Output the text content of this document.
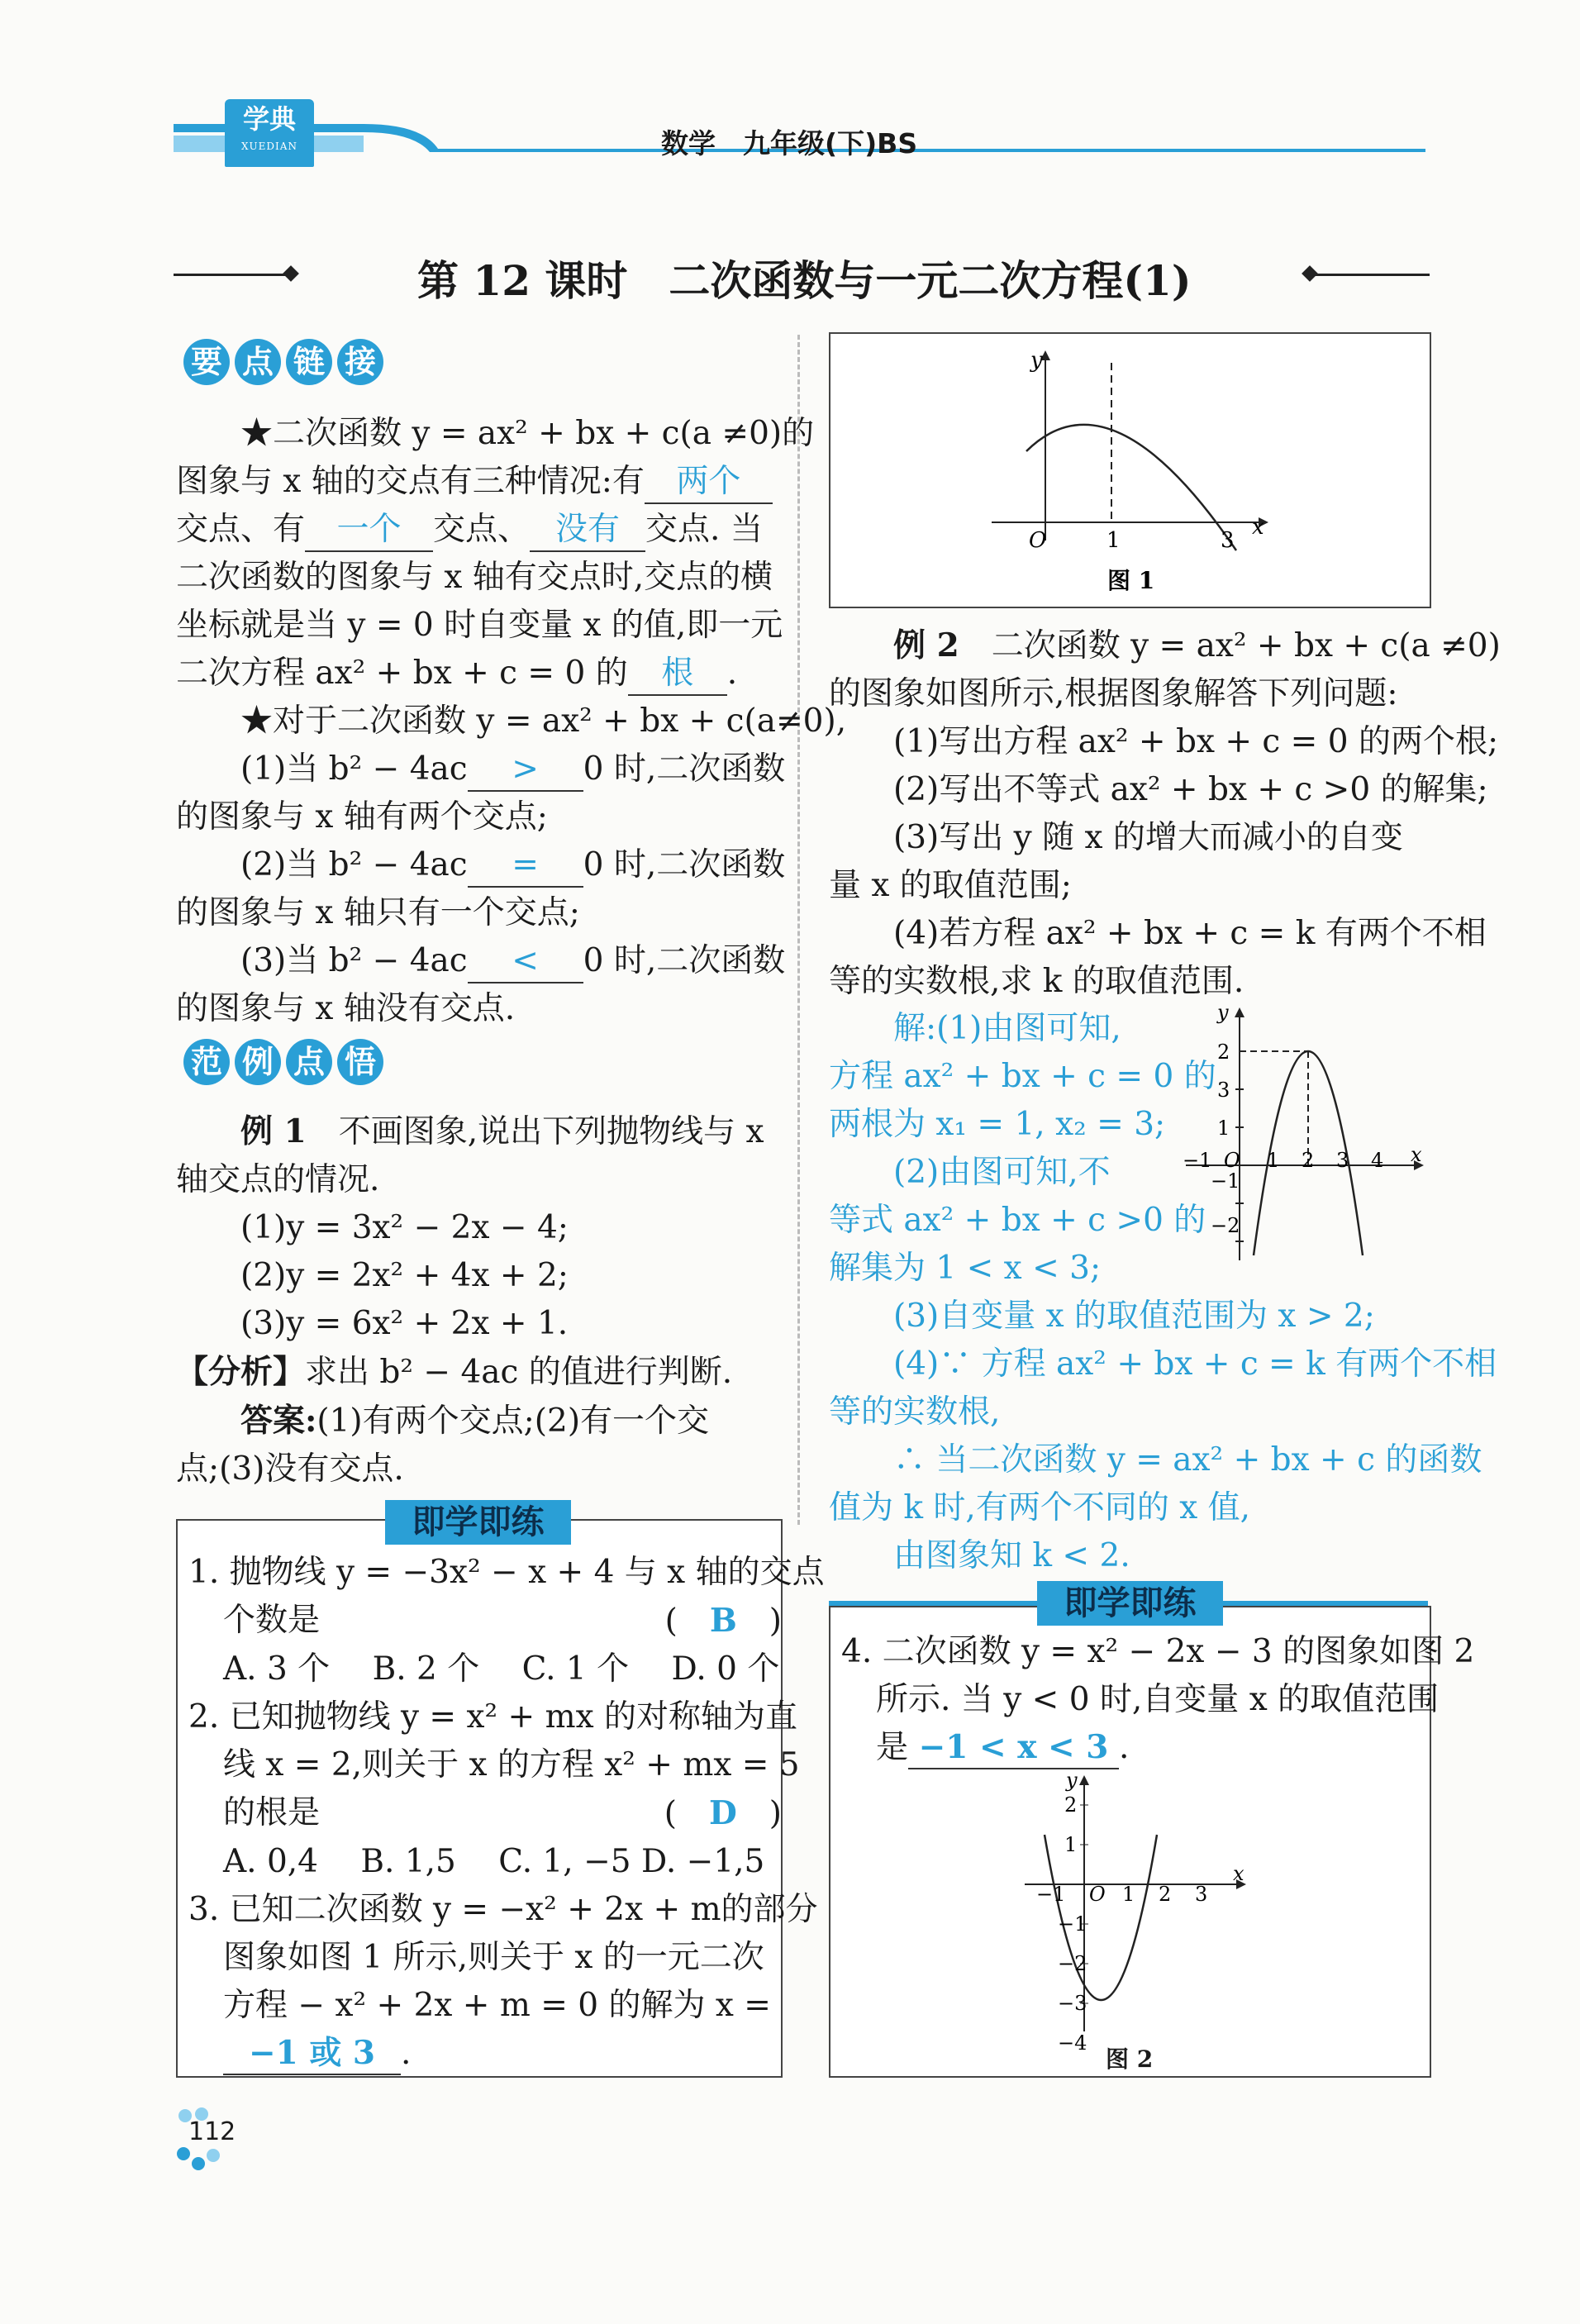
学典
XUEDIAN	数学　九年级(下)BS
第 12 课时　二次函数与一元二次方程(1)
要 点 链 接
★二次函数 y = ax² + bx + c(a ≠0)的
图象与 x 轴的交点有三种情况:有 两个
交点、有 一个 交点、 没有 交点. 当
二次函数的图象与 x 轴有交点时,交点的横
坐标就是当 y = 0 时自变量 x 的值,即一元
二次方程 ax² + bx + c = 0 的 根 .
★对于二次函数 y = ax² + bx + c(a≠0),
(1)当 b² − 4ac > 0 时,二次函数
的图象与 x 轴有两个交点;
(2)当 b² − 4ac = 0 时,二次函数
的图象与 x 轴只有一个交点;
(3)当 b² − 4ac < 0 时,二次函数
的图象与 x 轴没有交点.
范 例 点 悟
例 1　不画图象,说出下列抛物线与 x
轴交点的情况.
(1)y = 3x² − 2x − 4;
(2)y = 2x² + 4x + 2;
(3)y = 6x² + 2x + 1.
【分析】求出 b² − 4ac 的值进行判断.
答案:(1)有两个交点;(2)有一个交
点;(3)没有交点.
即学即练
1. 抛物线 y = −3x² − x + 4 与 x 轴的交点
个数是	(　B　)
A. 3 个　 B. 2 个　 C. 1 个　 D. 0 个
2. 已知抛物线 y = x² + mx 的对称轴为直
线 x = 2,则关于 x 的方程 x² + mx = 5
的根是	(　D　)
A. 0,4　 B. 1,5　 C. 1, −5 D. −1,5
3. 已知二次函数 y = −x² + 2x + m的部分
图象如图 1 所示,则关于 x 的一元二次
方程 − x² + 2x + m = 0 的解为 x =
−1 或 3 .
y
x
O	1	3
图 1
例 2　二次函数 y = ax² + bx + c(a ≠0)
的图象如图所示,根据图象解答下列问题:
(1)写出方程 ax² + bx + c = 0 的两个根;
(2)写出不等式 ax² + bx + c >0 的解集;
(3)写出 y 随 x 的增大而减小的自变
量 x 的取值范围;
(4)若方程 ax² + bx + c = k 有两个不相
等的实数根,求 k 的取值范围.
解:(1)由图可知,
方程 ax² + bx + c = 0 的
两根为 x₁ = 1, x₂ = 3;
(2)由图可知,不
等式 ax² + bx + c >0 的
解集为 1 < x < 3;
(3)自变量 x 的取值范围为 x > 2;
(4)∵ 方程 ax² + bx + c = k 有两个不相
等的实数根,
∴ 当二次函数 y = ax² + bx + c 的函数
值为 k 时,有两个不同的 x 值,
由图象知 k < 2.
y
x
O
3
2
1
−1
−2
−1	1 2 3 4
即学即练
4. 二次函数 y = x² − 2x − 3 的图象如图 2
所示. 当 y < 0 时,自变量 x 的取值范围
是 −1 < x < 3 .
y
x
O
2
1
−1
−2
−3
−4
−1	1 2 3
图 2
112
